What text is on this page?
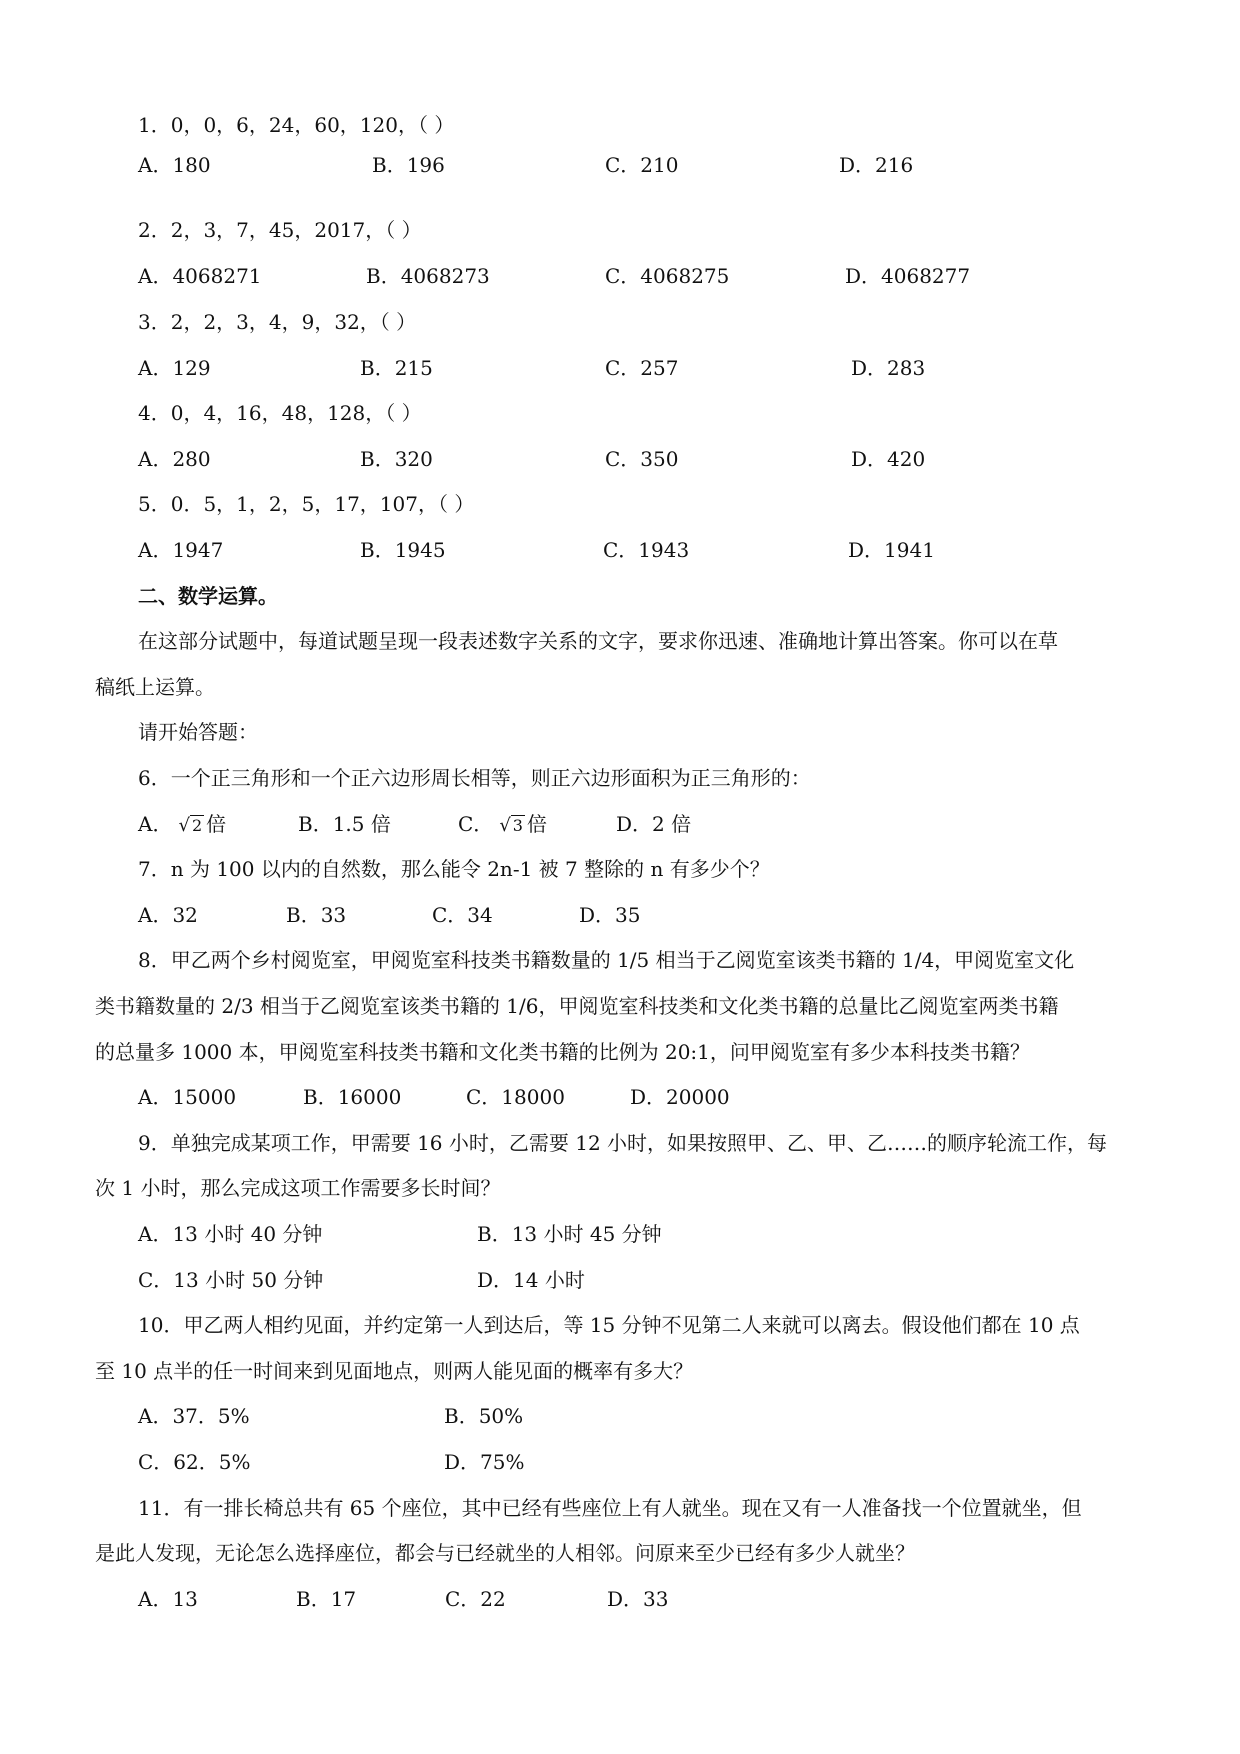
1．0，0，6，24，60，120，（ ）
A．180	B．196	C．210	D．216
2．2，3，7，45，2017，（ ）
A．4068271	B．4068273	C．4068275	D．4068277
3．2，2，3，4，9，32，（ ）
A．129	B．215	C．257	D．283
4．0，4，16，48，128，（ ）
A．280	B．320	C．350	D．420
5．0．5，1，2，5，17，107，（ ）
A．1947	B．1945	C．1943	D．1941
二、数学运算。
在这部分试题中，每道试题呈现一段表述数字关系的文字，要求你迅速、准确地计算出答案。你可以在草
稿纸上运算。
请开始答题：
6．一个正三角形和一个正六边形周长相等，则正六边形面积为正三角形的：
A． √ 2 倍	B．1.5 倍	C． √ 3 倍	D．2 倍
7．n 为 100 以内的自然数，那么能令 2n-1 被 7 整除的 n 有多少个？
A．32	B．33	C．34	D．35
8．甲乙两个乡村阅览室，甲阅览室科技类书籍数量的 1/5 相当于乙阅览室该类书籍的 1/4，甲阅览室文化
类书籍数量的 2/3 相当于乙阅览室该类书籍的 1/6，甲阅览室科技类和文化类书籍的总量比乙阅览室两类书籍
的总量多 1000 本，甲阅览室科技类书籍和文化类书籍的比例为 20:1，问甲阅览室有多少本科技类书籍？
A．15000	B．16000	C．18000	D．20000
9．单独完成某项工作，甲需要 16 小时，乙需要 12 小时，如果按照甲、乙、甲、乙……的顺序轮流工作，每
次 1 小时，那么完成这项工作需要多长时间？
A．13 小时 40 分钟	B．13 小时 45 分钟
C．13 小时 50 分钟	D．14 小时
10．甲乙两人相约见面，并约定第一人到达后，等 15 分钟不见第二人来就可以离去。假设他们都在 10 点
至 10 点半的任一时间来到见面地点，则两人能见面的概率有多大？
A．37．5%	B．50%
C．62．5%	D．75%
11．有一排长椅总共有 65 个座位，其中已经有些座位上有人就坐。现在又有一人准备找一个位置就坐，但
是此人发现，无论怎么选择座位，都会与已经就坐的人相邻。问原来至少已经有多少人就坐？
A．13	B．17	C．22	D．33
